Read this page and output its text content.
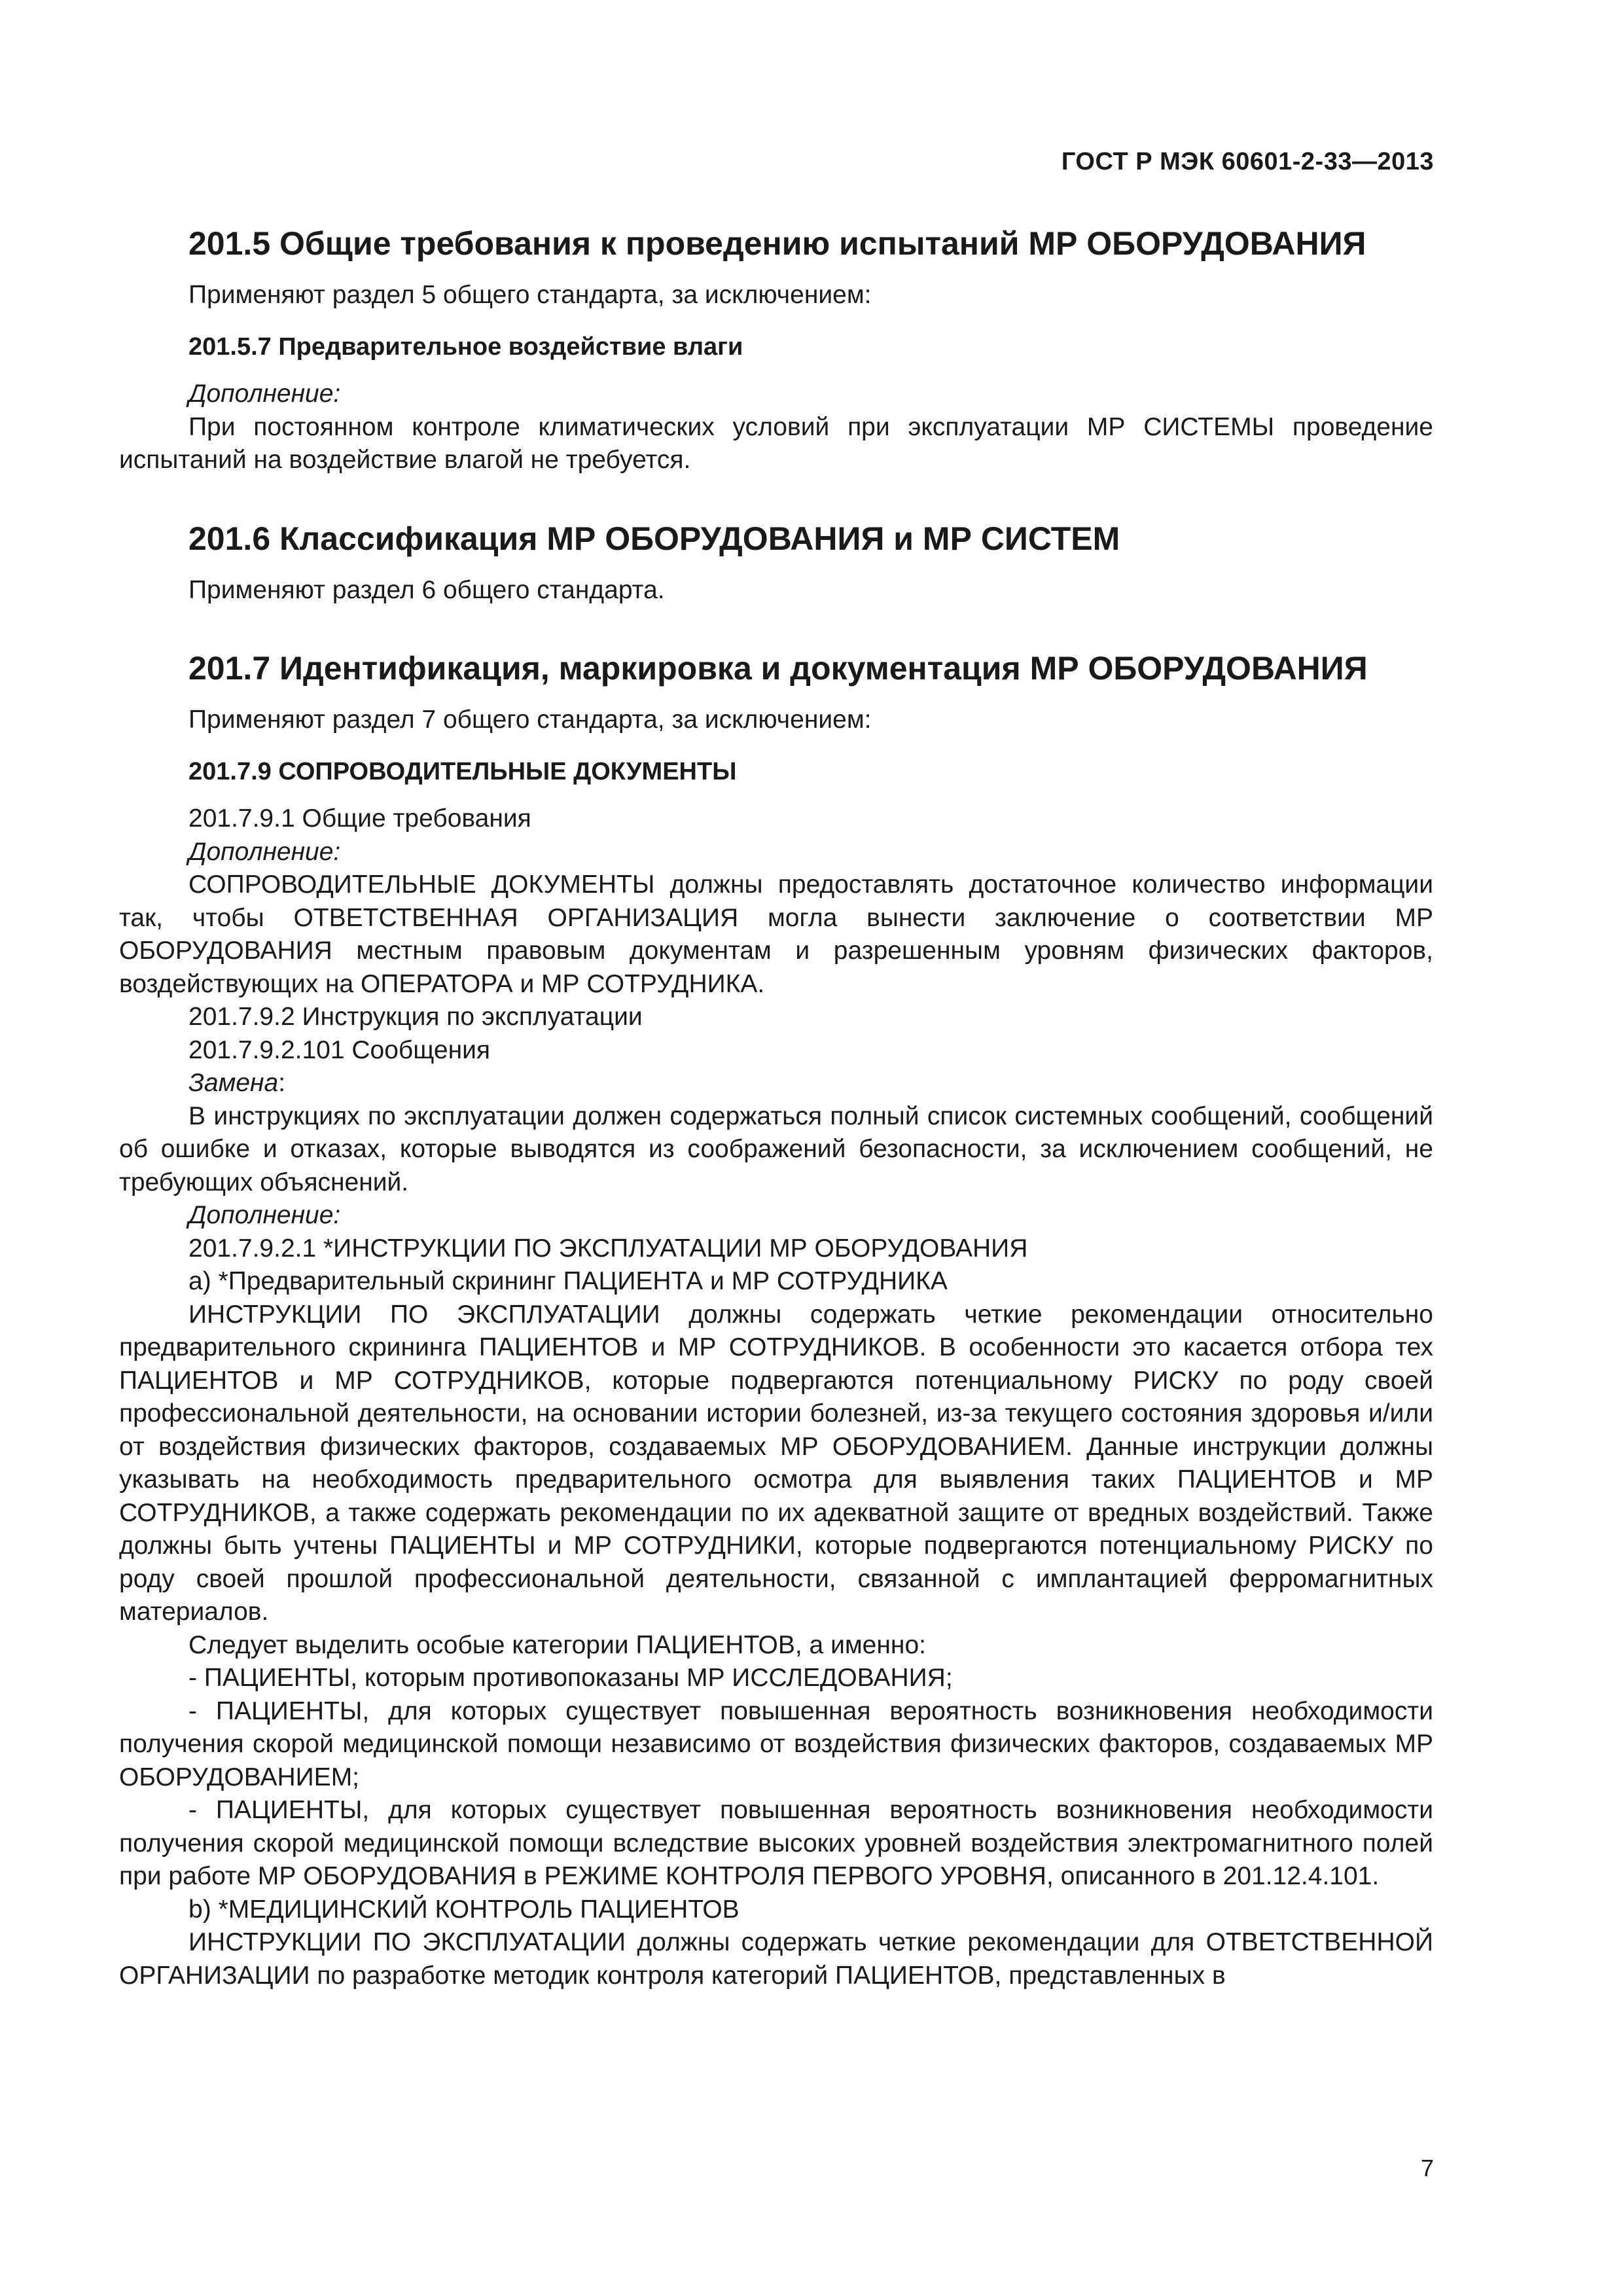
ГОСТ Р МЭК 60601-2-33—2013

201.5 Общие требования к проведению испытаний МР ОБОРУДОВАНИЯ

Применяют раздел 5 общего стандарта, за исключением:

201.5.7 Предварительное воздействие влаги

Дополнение:

При постоянном контроле климатических условий при эксплуатации МР СИСТЕМЫ проведение испытаний на воздействие влагой не требуется.

201.6 Классификация МР ОБОРУДОВАНИЯ и МР СИСТЕМ

Применяют раздел 6 общего стандарта.

201.7 Идентификация, маркировка и документация МР ОБОРУДОВАНИЯ

Применяют раздел 7 общего стандарта, за исключением:

201.7.9 СОПРОВОДИТЕЛЬНЫЕ ДОКУМЕНТЫ

201.7.9.1 Общие требования

Дополнение:

СОПРОВОДИТЕЛЬНЫЕ ДОКУМЕНТЫ должны предоставлять достаточное количество информации так, чтобы ОТВЕТСТВЕННАЯ ОРГАНИЗАЦИЯ могла вынести заключение о соответствии МР ОБОРУДОВАНИЯ местным правовым документам и разрешенным уровням физических факторов, воздействующих на ОПЕРАТОРА и МР СОТРУДНИКА.

201.7.9.2 Инструкция по эксплуатации

201.7.9.2.101 Сообщения

Замена:

В инструкциях по эксплуатации должен содержаться полный список системных сообщений, сообщений об ошибке и отказах, которые выводятся из соображений безопасности, за исключением сообщений, не требующих объяснений.

Дополнение:

201.7.9.2.1 *ИНСТРУКЦИИ ПО ЭКСПЛУАТАЦИИ МР ОБОРУДОВАНИЯ

а) *Предварительный скрининг ПАЦИЕНТА и МР СОТРУДНИКА

ИНСТРУКЦИИ ПО ЭКСПЛУАТАЦИИ должны содержать четкие рекомендации относительно предварительного скрининга ПАЦИЕНТОВ и МР СОТРУДНИКОВ. В особенности это касается отбора тех ПАЦИЕНТОВ и МР СОТРУДНИКОВ, которые подвергаются потенциальному РИСКУ по роду своей профессиональной деятельности, на основании истории болезней, из-за текущего состояния здоровья и/или от воздействия физических факторов, создаваемых МР ОБОРУДОВАНИЕМ. Данные инструкции должны указывать на необходимость предварительного осмотра для выявления таких ПАЦИЕНТОВ и МР СОТРУДНИКОВ, а также содержать рекомендации по их адекватной защите от вредных воздействий. Также должны быть учтены ПАЦИЕНТЫ и МР СОТРУДНИКИ, которые подвергаются потенциальному РИСКУ по роду своей прошлой профессиональной деятельности, связанной с имплантацией ферромагнитных материалов.

Следует выделить особые категории ПАЦИЕНТОВ, а именно:

- ПАЦИЕНТЫ, которым противопоказаны МР ИССЛЕДОВАНИЯ;

- ПАЦИЕНТЫ, для которых существует повышенная вероятность возникновения необходимости получения скорой медицинской помощи независимо от воздействия физических факторов, создаваемых МР ОБОРУДОВАНИЕМ;

- ПАЦИЕНТЫ, для которых существует повышенная вероятность возникновения необходимости получения скорой медицинской помощи вследствие высоких уровней воздействия электромагнитного полей при работе МР ОБОРУДОВАНИЯ в РЕЖИМЕ КОНТРОЛЯ ПЕРВОГО УРОВНЯ, описанного в 201.12.4.101.

b) *МЕДИЦИНСКИЙ КОНТРОЛЬ ПАЦИЕНТОВ

ИНСТРУКЦИИ ПО ЭКСПЛУАТАЦИИ должны содержать четкие рекомендации для ОТВЕТСТВЕННОЙ ОРГАНИЗАЦИИ по разработке методик контроля категорий ПАЦИЕНТОВ, представленных в

7
